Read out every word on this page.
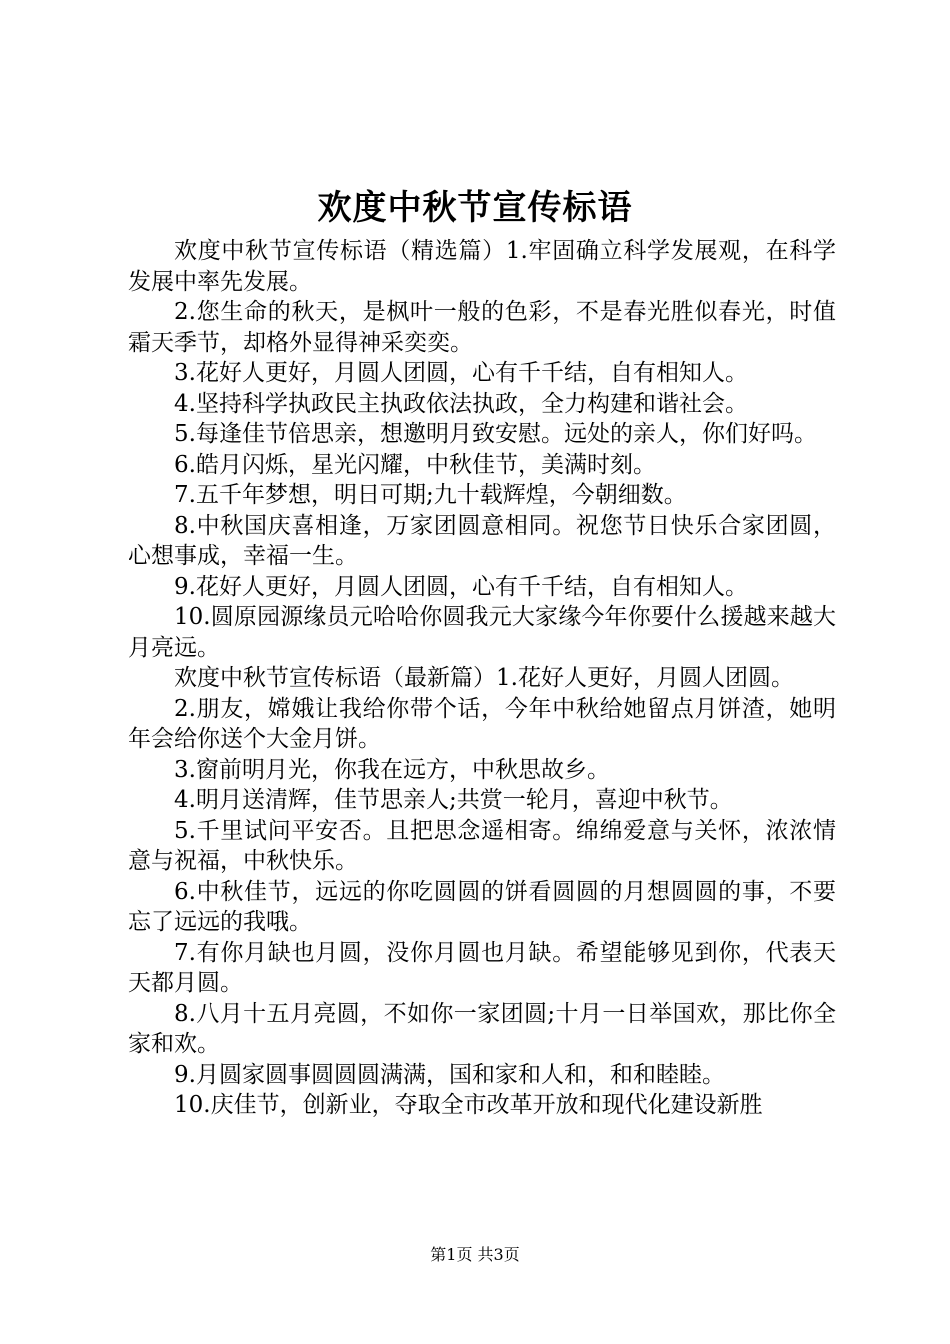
欢度中秋节宣传标语

欢度中秋节宣传标语（精选篇）1.牢固确立科学发展观，在科学发展中率先发展。

2.您生命的秋天，是枫叶一般的色彩，不是春光胜似春光，时值霜天季节，却格外显得神采奕奕。

3.花好人更好，月圆人团圆，心有千千结，自有相知人。

4.坚持科学执政民主执政依法执政，全力构建和谐社会。

5.每逢佳节倍思亲，想邀明月致安慰。远处的亲人，你们好吗。

6.皓月闪烁，星光闪耀，中秋佳节，美满时刻。

7.五千年梦想，明日可期;九十载辉煌，今朝细数。

8.中秋国庆喜相逢，万家团圆意相同。祝您节日快乐合家团圆，心想事成，幸福一生。

9.花好人更好，月圆人团圆，心有千千结，自有相知人。

10.圆原园源缘员元哈哈你圆我元大家缘今年你要什么援越来越大月亮远。

欢度中秋节宣传标语（最新篇）1.花好人更好，月圆人团圆。

2.朋友，嫦娥让我给你带个话，今年中秋给她留点月饼渣，她明年会给你送个大金月饼。

3.窗前明月光，你我在远方，中秋思故乡。

4.明月送清辉，佳节思亲人;共赏一轮月，喜迎中秋节。

5.千里试问平安否。且把思念遥相寄。绵绵爱意与关怀，浓浓情意与祝福，中秋快乐。

6.中秋佳节，远远的你吃圆圆的饼看圆圆的月想圆圆的事，不要忘了远远的我哦。

7.有你月缺也月圆，没你月圆也月缺。希望能够见到你，代表天天都月圆。

8.八月十五月亮圆，不如你一家团圆;十月一日举国欢，那比你全家和欢。

9.月圆家圆事圆圆圆满满，国和家和人和，和和睦睦。

10.庆佳节，创新业，夺取全市改革开放和现代化建设新胜

第1页 共3页
